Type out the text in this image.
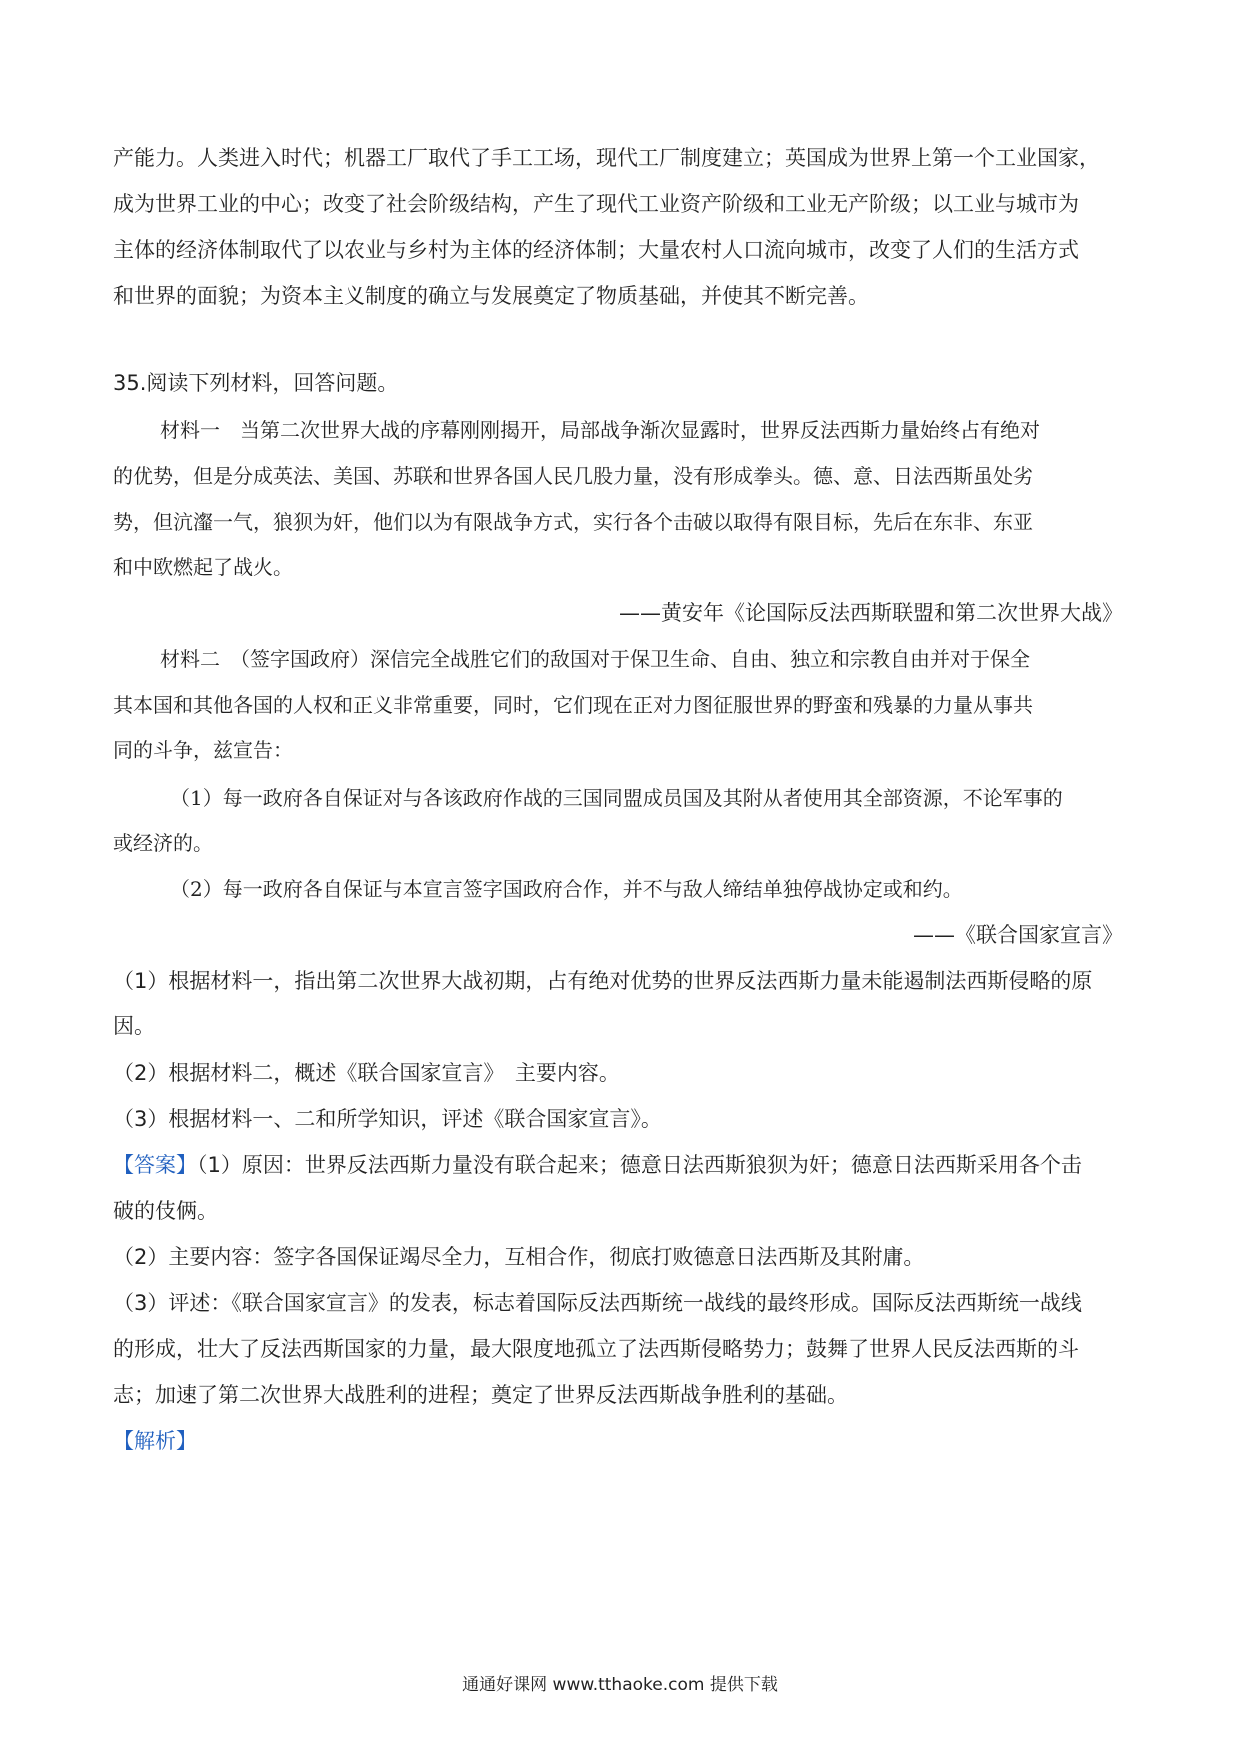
产能力。人类进入时代；机器工厂取代了手工工场，现代工厂制度建立；英国成为世界上第一个工业国家，
成为世界工业的中心；改变了社会阶级结构，产生了现代工业资产阶级和工业无产阶级；以工业与城市为
主体的经济体制取代了以农业与乡村为主体的经济体制；大量农村人口流向城市，改变了人们的生活方式
和世界的面貌；为资本主义制度的确立与发展奠定了物质基础，并使其不断完善。
35.阅读下列材料，回答问题。
材料一　当第二次世界大战的序幕刚刚揭开，局部战争渐次显露时，世界反法西斯力量始终占有绝对
的优势，但是分成英法、美国、苏联和世界各国人民几股力量，没有形成拳头。德、意、日法西斯虽处劣
势，但沆瀣一气，狼狈为奸，他们以为有限战争方式，实行各个击破以取得有限目标，先后在东非、东亚
和中欧燃起了战火。
——黄安年《论国际反法西斯联盟和第二次世界大战》
材料二　（签字国政府）深信完全战胜它们的敌国对于保卫生命、自由、独立和宗教自由并对于保全
其本国和其他各国的人权和正义非常重要，同时，它们现在正对力图征服世界的野蛮和残暴的力量从事共
同的斗争，兹宣告：
（1）每一政府各自保证对与各该政府作战的三国同盟成员国及其附从者使用其全部资源，不论军事的
或经济的。
（2）每一政府各自保证与本宣言签字国政府合作，并不与敌人缔结单独停战协定或和约。
——《联合国家宣言》
（1）根据材料一，指出第二次世界大战初期，占有绝对优势的世界反法西斯力量未能遏制法西斯侵略的原
因。
（2）根据材料二，概述《联合国家宣言》　主要内容。
（3）根据材料一、二和所学知识，评述《联合国家宣言》。
【答案】（1）原因：世界反法西斯力量没有联合起来；德意日法西斯狼狈为奸；德意日法西斯采用各个击
破的伎俩。
（2）主要内容：签字各国保证竭尽全力，互相合作，彻底打败德意日法西斯及其附庸。
（3）评述：《联合国家宣言》的发表，标志着国际反法西斯统一战线的最终形成。国际反法西斯统一战线
的形成，壮大了反法西斯国家的力量，最大限度地孤立了法西斯侵略势力；鼓舞了世界人民反法西斯的斗
志；加速了第二次世界大战胜利的进程；奠定了世界反法西斯战争胜利的基础。
【解析】
通通好课网 www.tthaoke.com 提供下载
